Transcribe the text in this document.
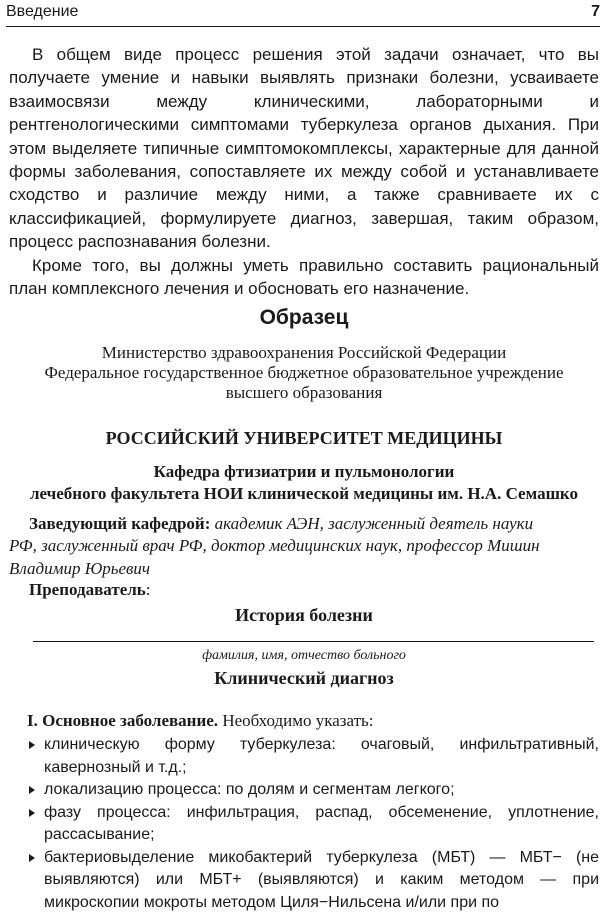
Введение	7

В общем виде процесс решения этой задачи означает, что вы получаете умение и навыки выявлять признаки болезни, усваиваете взаимосвязи между клиническими, лабораторными и рентгенологическими симптомами туберкулеза органов дыхания. При этом выделяете типичные симптомокомплексы, характерные для данной формы заболевания, сопоставляете их между собой и устанавливаете сходство и различие между ними, а также сравниваете их с классификацией, формулируете диагноз, завершая, таким образом, процесс распознавания болезни.

Кроме того, вы должны уметь правильно составить рациональный план комплексного лечения и обосновать его назначение.

Образец
Министерство здравоохранения Российской Федерации
Федеральное государственное бюджетное образовательное учреждение
высшего образования
РОССИЙСКИЙ УНИВЕРСИТЕТ МЕДИЦИНЫ
Кафедра фтизиатрии и пульмонологии
лечебного факультета НОИ клинической медицины им. Н.А. Семашко
Заведующий кафедрой: академик АЭН, заслуженный деятель науки
РФ, заслуженный врач РФ, доктор медицинских наук, профессор Мишин
Владимир Юрьевич
Преподаватель:
История болезни
фамилия, имя, отчество больного
Клинический диагноз
I. Основное заболевание. Необходимо указать:
клиническую форму туберкулеза: очаговый, инфильтративный, кавернозный и т.д.;
локализацию процесса: по долям и сегментам легкого;
фазу процесса: инфильтрация, распад, обсеменение, уплотнение, рассасывание;
бактериовыделение микобактерий туберкулеза (МБТ) — МБТ− (не выявляются) или МБТ+ (выявляются) и каким методом — при микроскопии мокроты методом Циля−Нильсена и/или при по
